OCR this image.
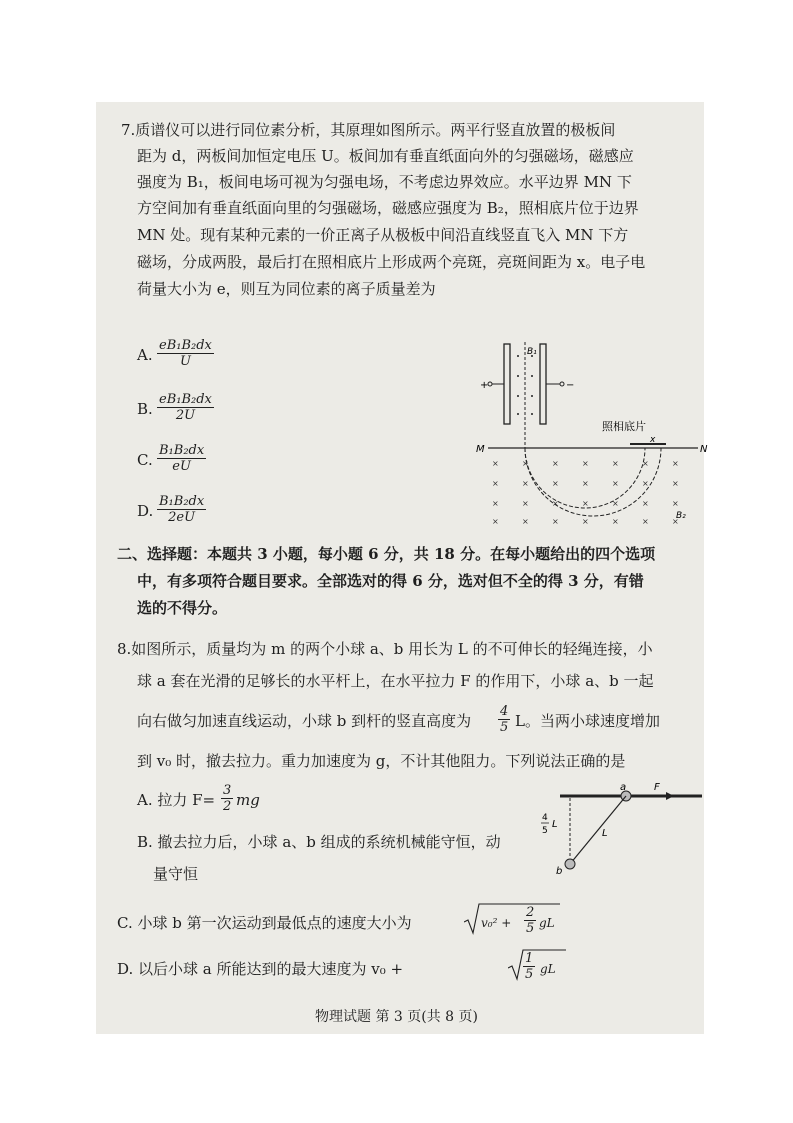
7.质谱仪可以进行同位素分析，其原理如图所示。两平行竖直放置的极板间
距为 d，两板间加恒定电压 U。板间加有垂直纸面向外的匀强磁场，磁感应
强度为 B₁，板间电场可视为匀强电场，不考虑边界效应。水平边界 MN 下
方空间加有垂直纸面向里的匀强磁场，磁感应强度为 B₂，照相底片位于边界
MN 处。现有某种元素的一价正离子从极板中间沿直线竖直飞入 MN 下方
磁场，分成两股，最后打在照相底片上形成两个亮斑，亮斑间距为 x。电子电
荷量大小为 e，则互为同位素的离子质量差为
A. $\frac{\text{eB₁B₂dx}}{U}$
B. $\frac{\text{eB₁B₂dx}}{2U}$
C. $\frac{\text{B₁B₂dx}}{eU}$
D. $\frac{\text{B₁B₂dx}}{2eU}$
+	−
B₁
M	N
照相底片
x
×	×	×	×	×	×	×
×	×	×	×	×	×	×
×	×	×	×	×	×	×
×	×	×	×	×	×	×
B₂
二、选择题：本题共 3 小题，每小题 6 分，共 18 分。在每小题给出的四个选项
中，有多项符合题目要求。全部选对的得 6 分，选对但不全的得 3 分，有错
选的不得分。
8.如图所示，质量均为 m 的两个小球 a、b 用长为 L 的不可伸长的轻绳连接，小
球 a 套在光滑的足够长的水平杆上，在水平拉力 F 的作用下，小球 a、b 一起
向右做匀加速直线运动，小球 b 到杆的竖直高度为 $\frac{4}{5}$ L。当两小球速度增加
到 v₀ 时，撤去拉力。重力加速度为 g，不计其他阻力。下列说法正确的是
A. 拉力 $F= \frac{3}{2}$ mg
B. 撤去拉力后，小球 a、b 组成的系统机械能守恒，动
量守恒
C. 小球 b 第一次运动到最低点的速度大小为	$v_0^2 + \frac{2}{5}$ gL
D. 以后小球 a 所能达到的最大速度为 v₀ +	$\frac{1}{5}$ gL
a	F
b
L
4
5
L
物理试题 第 3 页(共 8 页)
